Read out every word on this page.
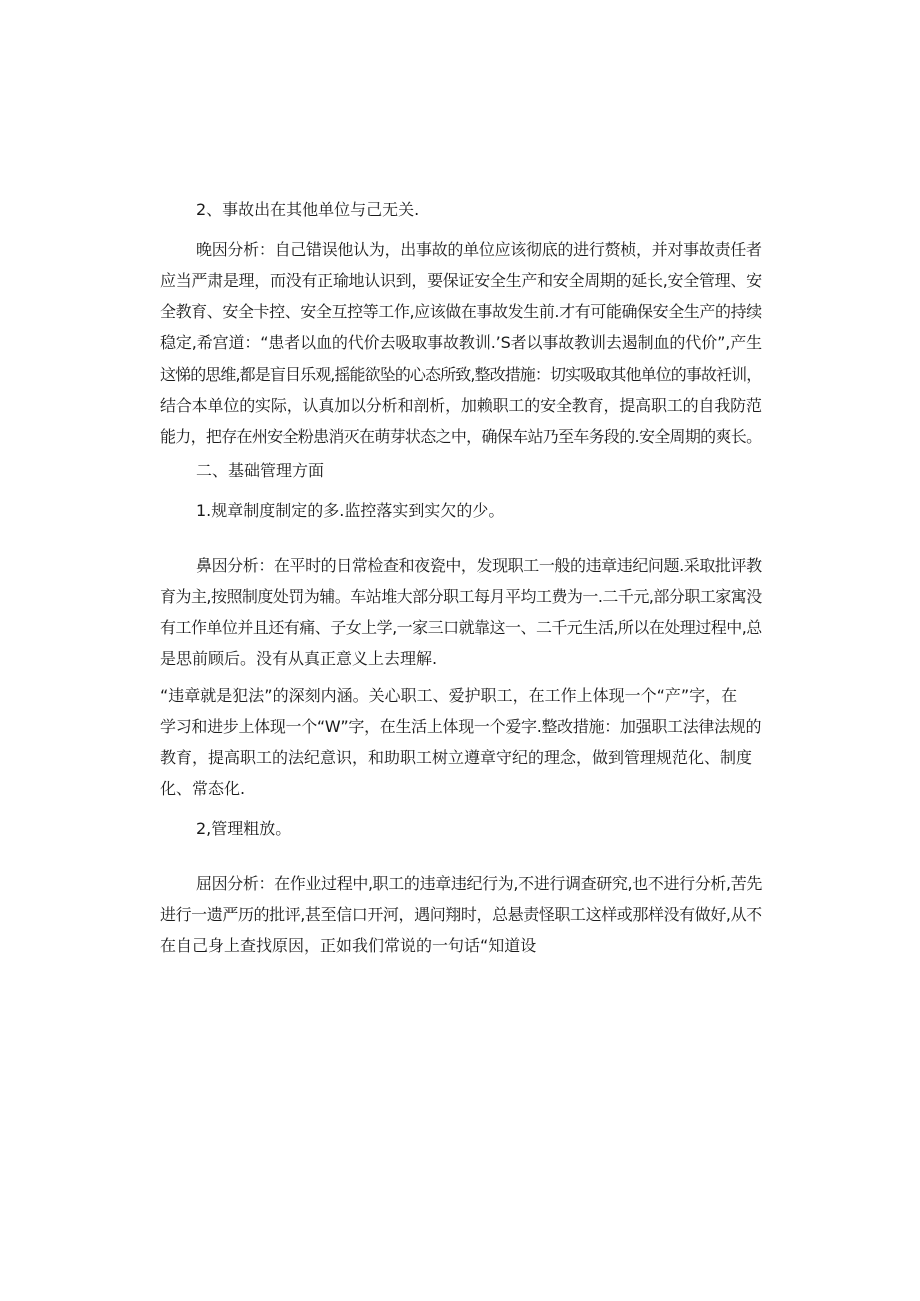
2、事故出在其他单位与己无关.
晚因分析：自己错误他认为，出事故的单位应该彻底的进行赘桢，并对事故责任者
应当严肃是理，而没有正瑜地认识到，要保证安全生产和安全周期的延长,安全管理、安
全教育、安全卡控、安全互控等工作,应该做在事故发生前.才有可能确保安全生产的持续
稳定,希宫道：“患者以血的代价去吸取事故教训.’S者以事故教训去遏制血的代价”,产生
这悌的思维,都是盲目乐观,摇能欲坠的心态所致,整改措施：切实吸取其他单位的事故衽训，
结合本单位的实际，认真加以分析和剖析，加赖职工的安全教育，提高职工的自我防范
能力，把存在州安全粉患消灭在萌芽状态之中，确保车站乃至车务段的.安全周期的爽长。
二、基础管理方面
1.规章制度制定的多.监控落实到实欠的少。
鼻因分析：在平时的日常检查和夜瓷中，发现职工一般的违章违纪问题.采取批评教
育为主,按照制度处罚为辅。车站堆大部分职工每月平均工费为一.二千元,部分职工家寓没
有工作单位并且还有痛、子女上学,一家三口就靠这一、二千元生活,所以在处理过程中,总
是思前顾后。没有从真正意义上去理解.
“违章就是犯法”的深刻内涵。关心职工、爱护职工，在工作上体现一个“产”字，在
学习和进步上体现一个“W”字，在生活上体现一个爱字.整改措施：加强职工法律法规的
教育，提高职工的法纪意识，和助职工树立遵章守纪的理念，做到管理规范化、制度
化、常态化.
2,管理粗放。
屈因分析：在作业过程中,职工的违章违纪行为,不进行调查研究,也不进行分析,苦先
进行一遗严历的批评,甚至信口开河，遇问翔时，总悬责怪职工这样或那样没有做好,从不
在自己身上查找原因，正如我们常说的一句话“知道设
